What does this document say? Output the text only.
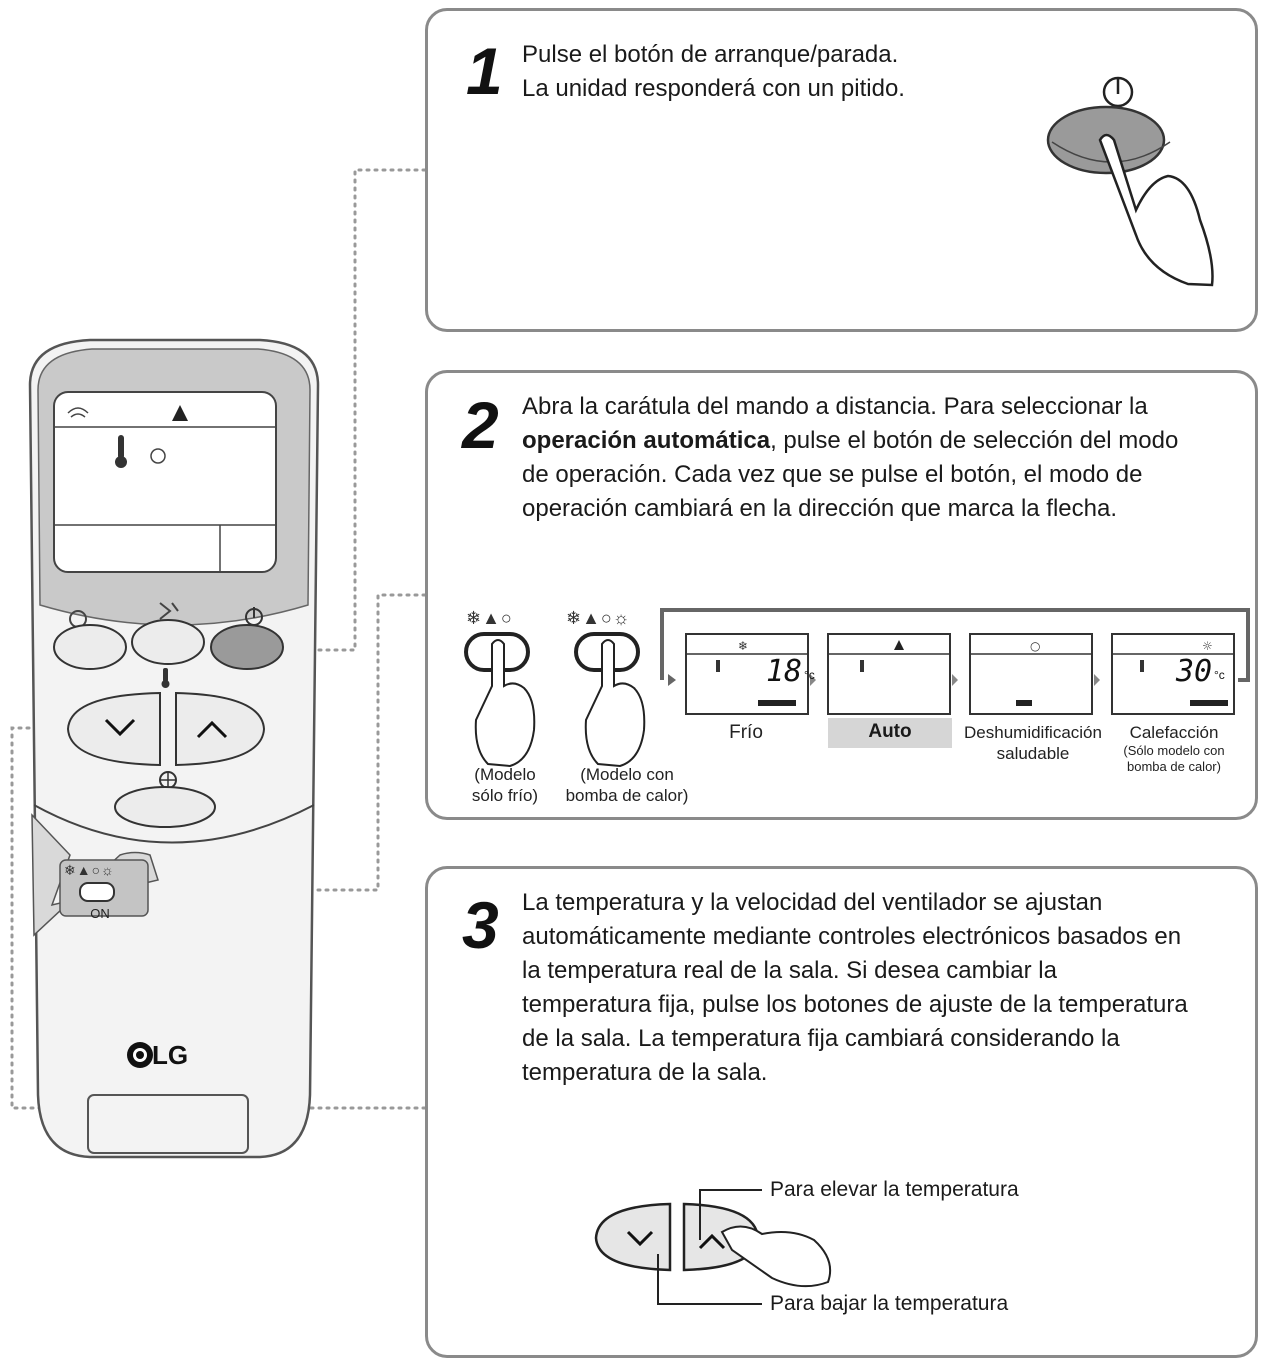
❄▲○☼
ON
LG
1 Pulse el botón de arranque/parada.
La unidad responderá con un pitido.
2 Abra la carátula del mando a distancia. Para seleccionar la
operación automática, pulse el botón de selección del modo
de operación. Cada vez que se pulse el botón, el modo de
operación cambiará en la dirección que marca la flecha.
❄▲○	❄▲○☼
(Modelo
sólo frío)
(Modelo con
bomba de calor)
❄	○	☼
18 °c	30 °c
Frío	Auto	Deshumidificación
saludable
Calefacción
(Sólo modelo con
bomba de calor)
3 La temperatura y la velocidad del ventilador se ajustan
automáticamente mediante controles electrónicos basados en
la temperatura real de la sala. Si desea cambiar la
temperatura fija, pulse los botones de ajuste de la temperatura
de la sala. La temperatura fija cambiará considerando la
temperatura de la sala.
Para elevar la temperatura
Para bajar la temperatura
